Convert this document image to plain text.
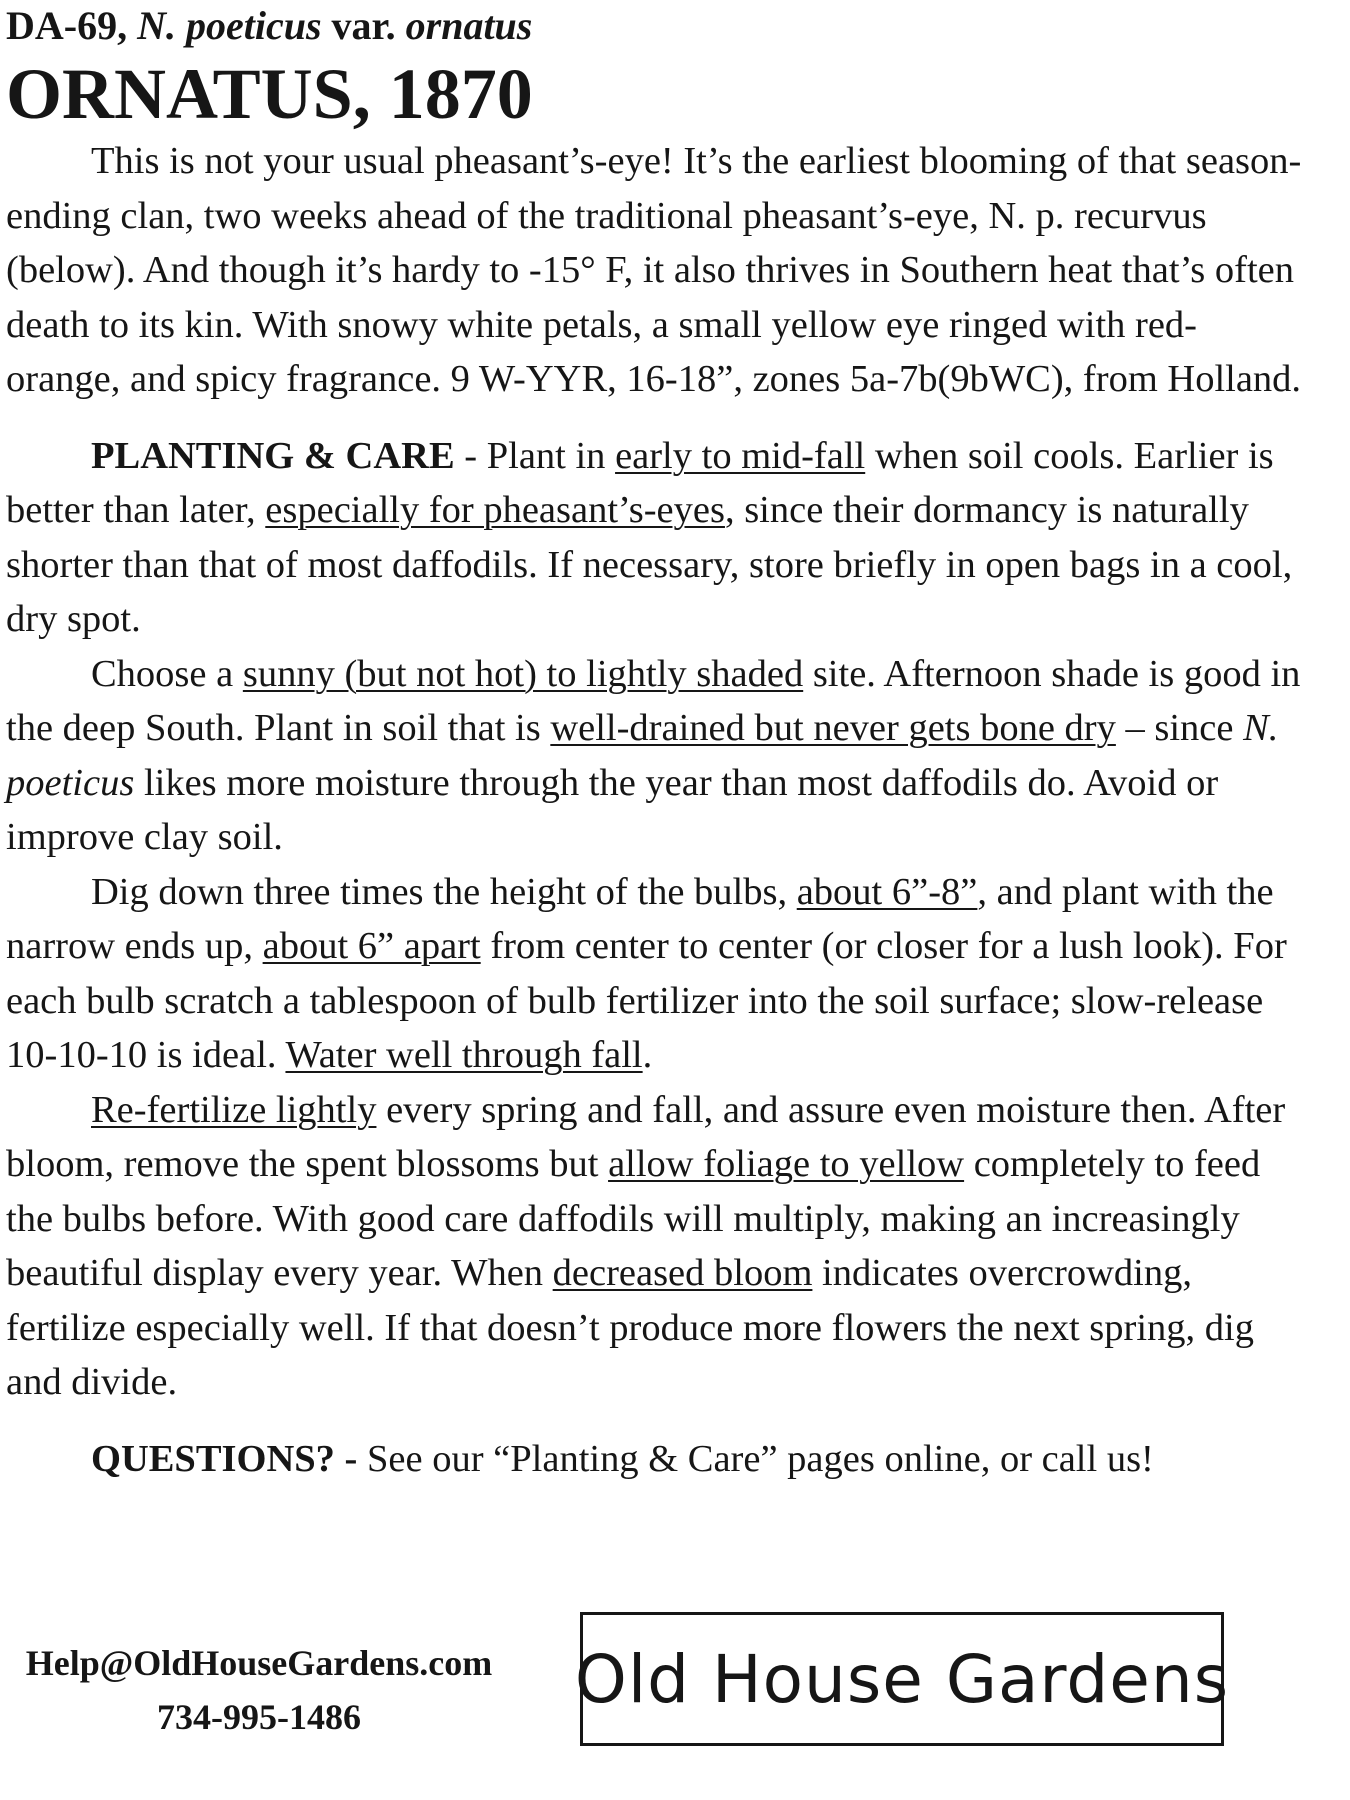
DA-69, N. poeticus var. ornatus
ORNATUS, 1870

This is not your usual pheasant’s-eye! It’s the earliest blooming of that season-ending clan, two weeks ahead of the traditional pheasant’s-eye, N. p. recurvus (below). And though it’s hardy to -15° F, it also thrives in Southern heat that’s often death to its kin. With snowy white petals, a small yellow eye ringed with red-orange, and spicy fragrance. 9 W-YYR, 16-18”, zones 5a-7b(9bWC), from Holland.

PLANTING & CARE - Plant in early to mid-fall when soil cools. Earlier is better than later, especially for pheasant’s-eyes, since their dormancy is naturally shorter than that of most daffodils. If necessary, store briefly in open bags in a cool, dry spot.

Choose a sunny (but not hot) to lightly shaded site. Afternoon shade is good in the deep South. Plant in soil that is well-drained but never gets bone dry – since N. poeticus likes more moisture through the year than most daffodils do. Avoid or improve clay soil.

Dig down three times the height of the bulbs, about 6”-8”, and plant with the narrow ends up, about 6” apart from center to center (or closer for a lush look). For each bulb scratch a tablespoon of bulb fertilizer into the soil surface; slow-release 10-10-10 is ideal. Water well through fall.

Re-fertilize lightly every spring and fall, and assure even moisture then. After bloom, remove the spent blossoms but allow foliage to yellow completely to feed the bulbs before. With good care daffodils will multiply, making an increasingly beautiful display every year. When decreased bloom indicates overcrowding, fertilize especially well. If that doesn’t produce more flowers the next spring, dig and divide.

QUESTIONS? - See our “Planting & Care” pages online, or call us!

Help@OldHouseGardens.com
734-995-1486	Old House Gardens
